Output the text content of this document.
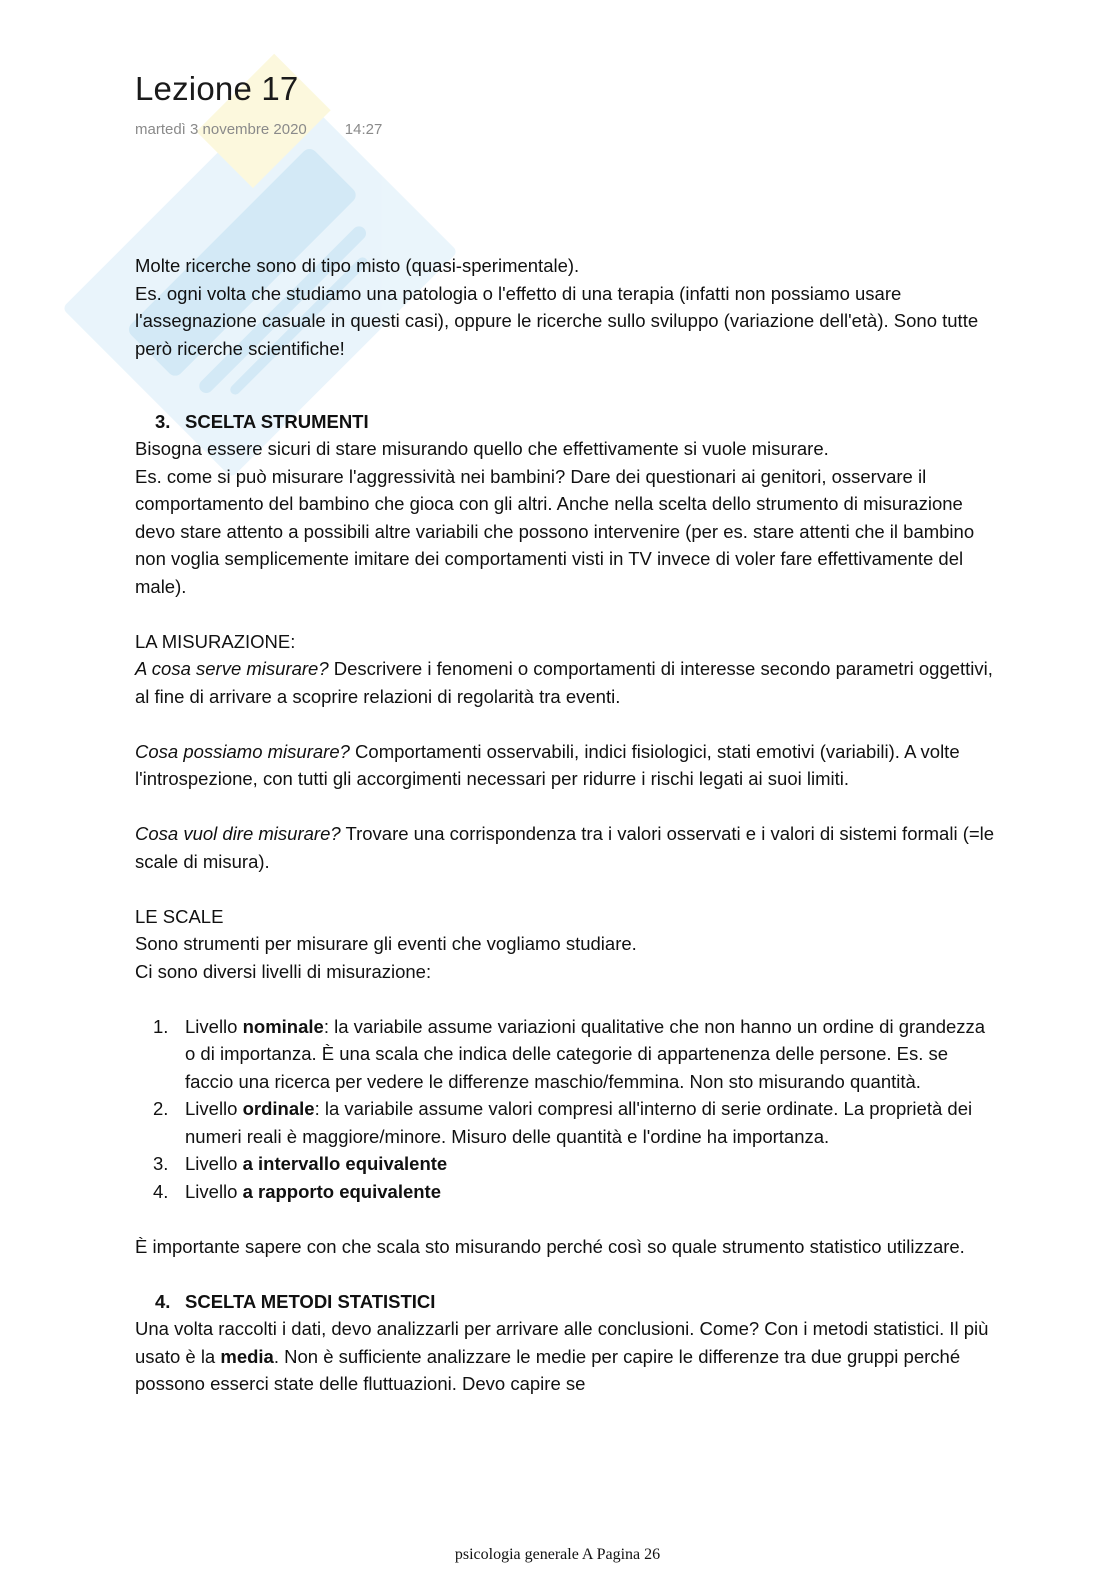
Lezione 17
martedì 3 novembre 2020	14:27

Molte ricerche sono di tipo misto (quasi-sperimentale).

Es. ogni volta che studiamo una patologia o l'effetto di una terapia (infatti non possiamo usare l'assegnazione casuale in questi casi), oppure le ricerche sullo sviluppo (variazione dell'età). Sono tutte però ricerche scientifiche!

3. SCELTA STRUMENTI

Bisogna essere sicuri di stare misurando quello che effettivamente si vuole misurare.

Es. come si può misurare l'aggressività nei bambini? Dare dei questionari ai genitori, osservare il comportamento del bambino che gioca con gli altri. Anche nella scelta dello strumento di misurazione devo stare attento a possibili altre variabili che possono intervenire (per es. stare attenti che il bambino non voglia semplicemente imitare dei comportamenti visti in TV invece di voler fare effettivamente del male).

LA MISURAZIONE:

A cosa serve misurare? Descrivere i fenomeni o comportamenti di interesse secondo parametri oggettivi, al fine di arrivare a scoprire relazioni di regolarità tra eventi.

Cosa possiamo misurare? Comportamenti osservabili, indici fisiologici, stati emotivi (variabili). A volte l'introspezione, con tutti gli accorgimenti necessari per ridurre i rischi legati ai suoi limiti.

Cosa vuol dire misurare? Trovare una corrispondenza tra i valori osservati e i valori di sistemi formali (=le scale di misura).

LE SCALE

Sono strumenti per misurare gli eventi che vogliamo studiare.

Ci sono diversi livelli di misurazione:

1. Livello nominale: la variabile assume variazioni qualitative che non hanno un ordine di grandezza o di importanza. È una scala che indica delle categorie di appartenenza delle persone. Es. se faccio una ricerca per vedere le differenze maschio/femmina. Non sto misurando quantità.
2. Livello ordinale: la variabile assume valori compresi all'interno di serie ordinate. La proprietà dei numeri reali è maggiore/minore. Misuro delle quantità e l'ordine ha importanza.
3. Livello a intervallo equivalente
4. Livello a rapporto equivalente

È importante sapere con che scala sto misurando perché così so quale strumento statistico utilizzare.

4. SCELTA METODI STATISTICI

Una volta raccolti i dati, devo analizzarli per arrivare alle conclusioni. Come? Con i metodi statistici. Il più usato è la media. Non è sufficiente analizzare le medie per capire le differenze tra due gruppi perché possono esserci state delle fluttuazioni. Devo capire se

psicologia generale A Pagina 26
